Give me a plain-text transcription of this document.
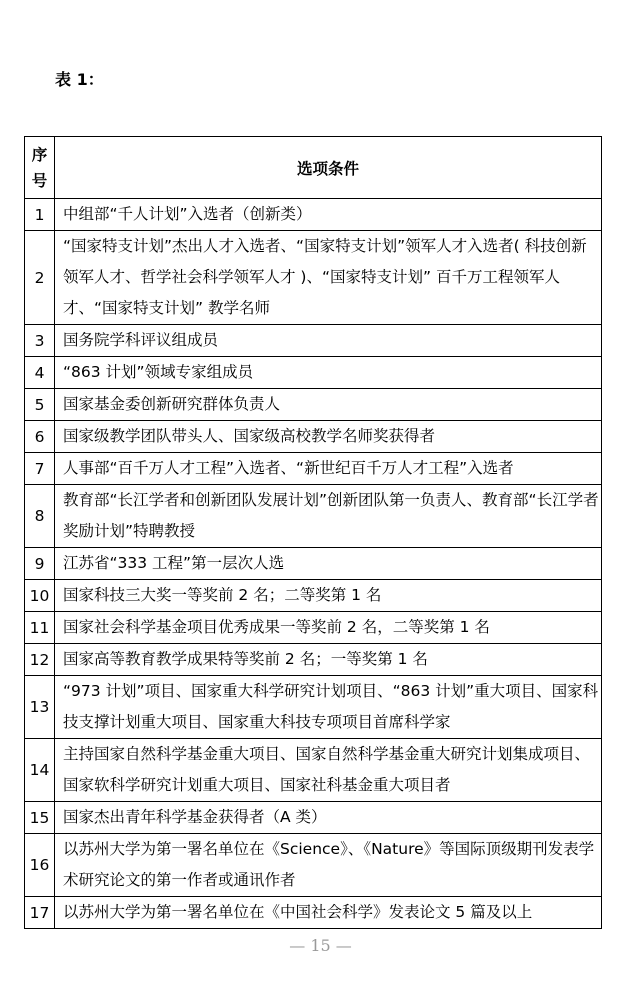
表 1：
序号	选项条件
1	中组部“千人计划”入选者（创新类）
2	“国家特支计划”杰出人才入选者、“国家特支计划”领军人才入选者( 科技创新领军人才、哲学社会科学领军人才 )、“国家特支计划” 百千万工程领军人才、“国家特支计划” 教学名师
3	国务院学科评议组成员
4	“863 计划”领域专家组成员
5	国家基金委创新研究群体负责人
6	国家级教学团队带头人、国家级高校教学名师奖获得者
7	人事部“百千万人才工程”入选者、“新世纪百千万人才工程”入选者
8	教育部“长江学者和创新团队发展计划”创新团队第一负责人、教育部“长江学者奖励计划”特聘教授
9	江苏省“333 工程”第一层次人选
10	国家科技三大奖一等奖前 2 名；二等奖第 1 名
11	国家社会科学基金项目优秀成果一等奖前 2 名，二等奖第 1 名
12	国家高等教育教学成果特等奖前 2 名；一等奖第 1 名
13	“973 计划”项目、国家重大科学研究计划项目、“863 计划”重大项目、国家科技支撑计划重大项目、国家重大科技专项项目首席科学家
14	主持国家自然科学基金重大项目、国家自然科学基金重大研究计划集成项目、国家软科学研究计划重大项目、国家社科基金重大项目者
15	国家杰出青年科学基金获得者（A 类）
16	以苏州大学为第一署名单位在《Science》、《Nature》等国际顶级期刊发表学术研究论文的第一作者或通讯作者
17	以苏州大学为第一署名单位在《中国社会科学》发表论文 5 篇及以上
— 15 —
